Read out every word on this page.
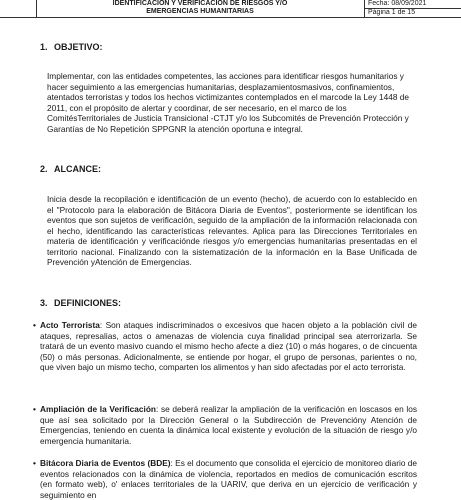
IDENTIFICACIÓN Y VERIFICACIÓN DE RIESGOS Y/O
EMERGENCIAS HUMANITARIAS
Fecha: 08/09/2021
Página 1 de 15
1. OBJETIVO:
Implementar, con las entidades competentes, las acciones para identificar riesgos humanitarios y hacer seguimiento a las emergencias humanitarias, desplazamientosmasivos, confinamientos, atentados terroristas y todos los hechos victimizantes contemplados en el marcode la Ley 1448 de 2011, con el propósito de alertar y coordinar, de ser necesario, en el marco de los ComitésTerritoriales de Justicia Transicional -CTJT y/o los Subcomités de Prevención Protección y Garantías de No Repetición SPPGNR la atención oportuna e integral.
2. ALCANCE:
Inicia desde la recopilación e identificación de un evento (hecho), de acuerdo con lo establecido en el "Protocolo para la elaboración de Bitácora Diaria de Eventos", posteriormente se identifican los eventos que son sujetos de verificación, seguido de la ampliación de la información relacionada con el hecho, identificando las características relevantes. Aplica para las Direcciones Territoriales en materia de identificación y verificaciónde riesgos y/o emergencias humanitarias presentadas en el territorio nacional. Finalizando con la sistematización de la información en la Base Unificada de Prevención yAtención de Emergencias.
3. DEFINICIONES:
• Acto Terrorista: Son ataques indiscriminados o excesivos que hacen objeto a la población civil de ataques, represalias, actos o amenazas de violencia cuya finalidad principal sea aterrorizarla. Se tratará de un evento masivo cuando el mismo hecho afecte a diez (10) o más hogares, o de cincuenta (50) o más personas. Adicionalmente, se entiende por hogar, el grupo de personas, parientes o no, que viven bajo un mismo techo, comparten los alimentos y han sido afectadas por el acto terrorista.
• Ampliación de la Verificación: se deberá realizar la ampliación de la verificación en loscasos en los que así sea solicitado por la Dirección General o la Subdirección de Prevencióny Atención de Emergencias, teniendo en cuenta la dinámica local existente y evolución de la situación de riesgo y/o emergencia humanitaria.
• Bitácora Diaria de Eventos (BDE): Es el documento que consolida el ejercicio de monitoreo diario de eventos relacionados con la dinámica de violencia, reportados en medios de comunicación escritos (en formato web), o' enlaces territoriales de la UARIV, que deriva en un ejercicio de verificación y seguimiento en
